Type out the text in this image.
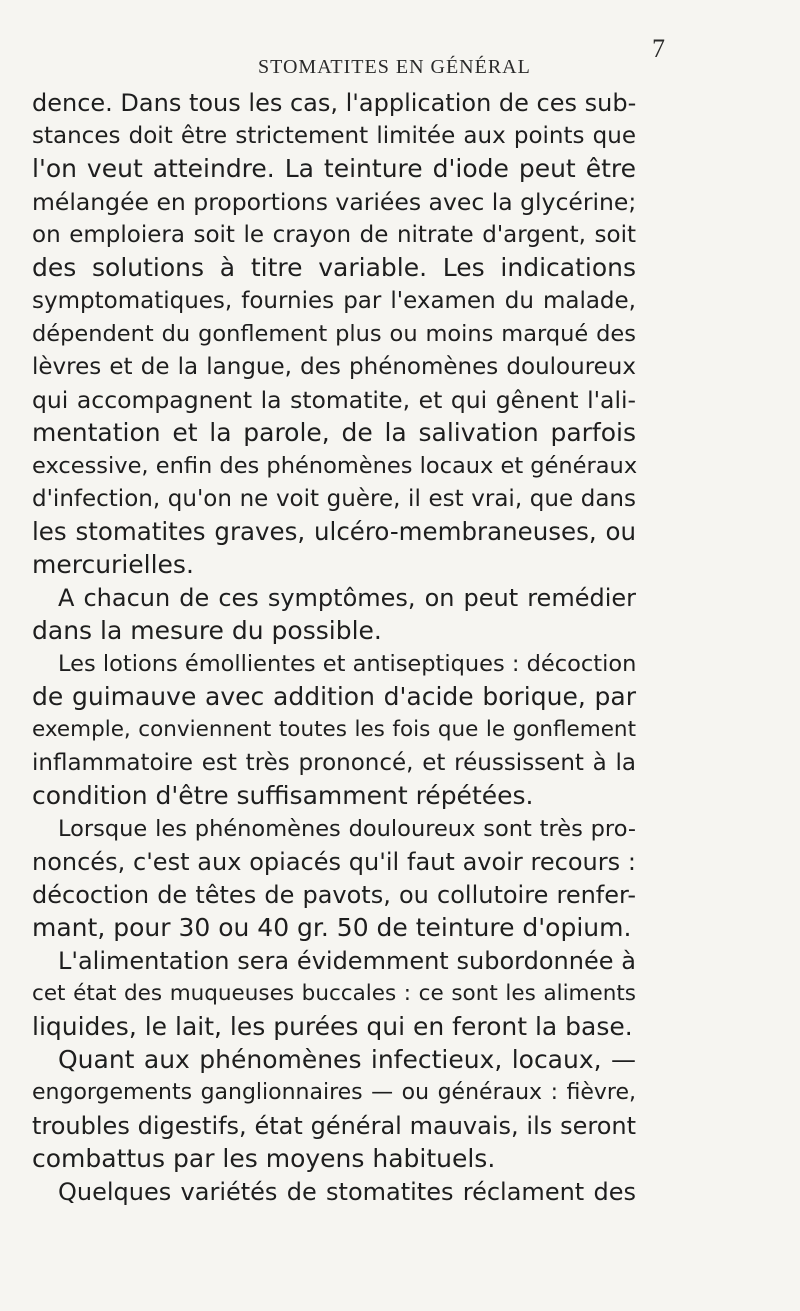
STOMATITES EN GÉNÉRAL
7
dence. Dans tous les cas, l'application de ces sub-
stances doit être strictement limitée aux points que
l'on veut atteindre. La teinture d'iode peut être
mélangée en proportions variées avec la glycérine;
on emploiera soit le crayon de nitrate d'argent, soit
des solutions à titre variable. Les indications
symptomatiques, fournies par l'examen du malade,
dépendent du gonflement plus ou moins marqué des
lèvres et de la langue, des phénomènes douloureux
qui accompagnent la stomatite, et qui gênent l'ali-
mentation et la parole, de la salivation parfois
excessive, enfin des phénomènes locaux et généraux
d'infection, qu'on ne voit guère, il est vrai, que dans
les stomatites graves, ulcéro-membraneuses, ou
mercurielles.
A chacun de ces symptômes, on peut remédier
dans la mesure du possible.
Les lotions émollientes et antiseptiques : décoction
de guimauve avec addition d'acide borique, par
exemple, conviennent toutes les fois que le gonflement
inflammatoire est très prononcé, et réussissent à la
condition d'être suffisamment répétées.
Lorsque les phénomènes douloureux sont très pro-
noncés, c'est aux opiacés qu'il faut avoir recours :
décoction de têtes de pavots, ou collutoire renfer-
mant, pour 30 ou 40 gr. 50 de teinture d'opium.
L'alimentation sera évidemment subordonnée à
cet état des muqueuses buccales : ce sont les aliments
liquides, le lait, les purées qui en feront la base.
Quant aux phénomènes infectieux, locaux, —
engorgements ganglionnaires — ou généraux : fièvre,
troubles digestifs, état général mauvais, ils seront
combattus par les moyens habituels.
Quelques variétés de stomatites réclament des
